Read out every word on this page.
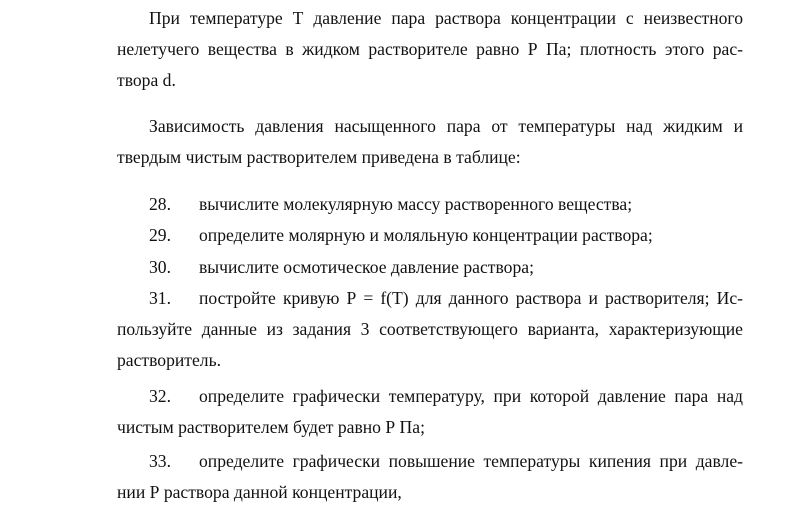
При температуре Т давление пара раствора концентрации с неизвестного
нелетучего вещества в жидком растворителе равно Р Па; плотность этого рас-
твора d.
Зависимость давления насыщенного пара от температуры над жидким и
твердым чистым растворителем приведена в таблице:
28. вычислите молекулярную массу растворенного вещества;
29. определите молярную и моляльную концентрации раствора;
30. вычислите осмотическое давление раствора;
31. постройте кривую Р = f(T) для данного раствора и растворителя; Ис-
пользуйте данные из задания 3 соответствующего варианта, характеризующие
растворитель.
32. определите графически температуру, при которой давление пара над
чистым растворителем будет равно Р Па;
33. определите графически повышение температуры кипения при давле-
нии Р раствора данной концентрации,
